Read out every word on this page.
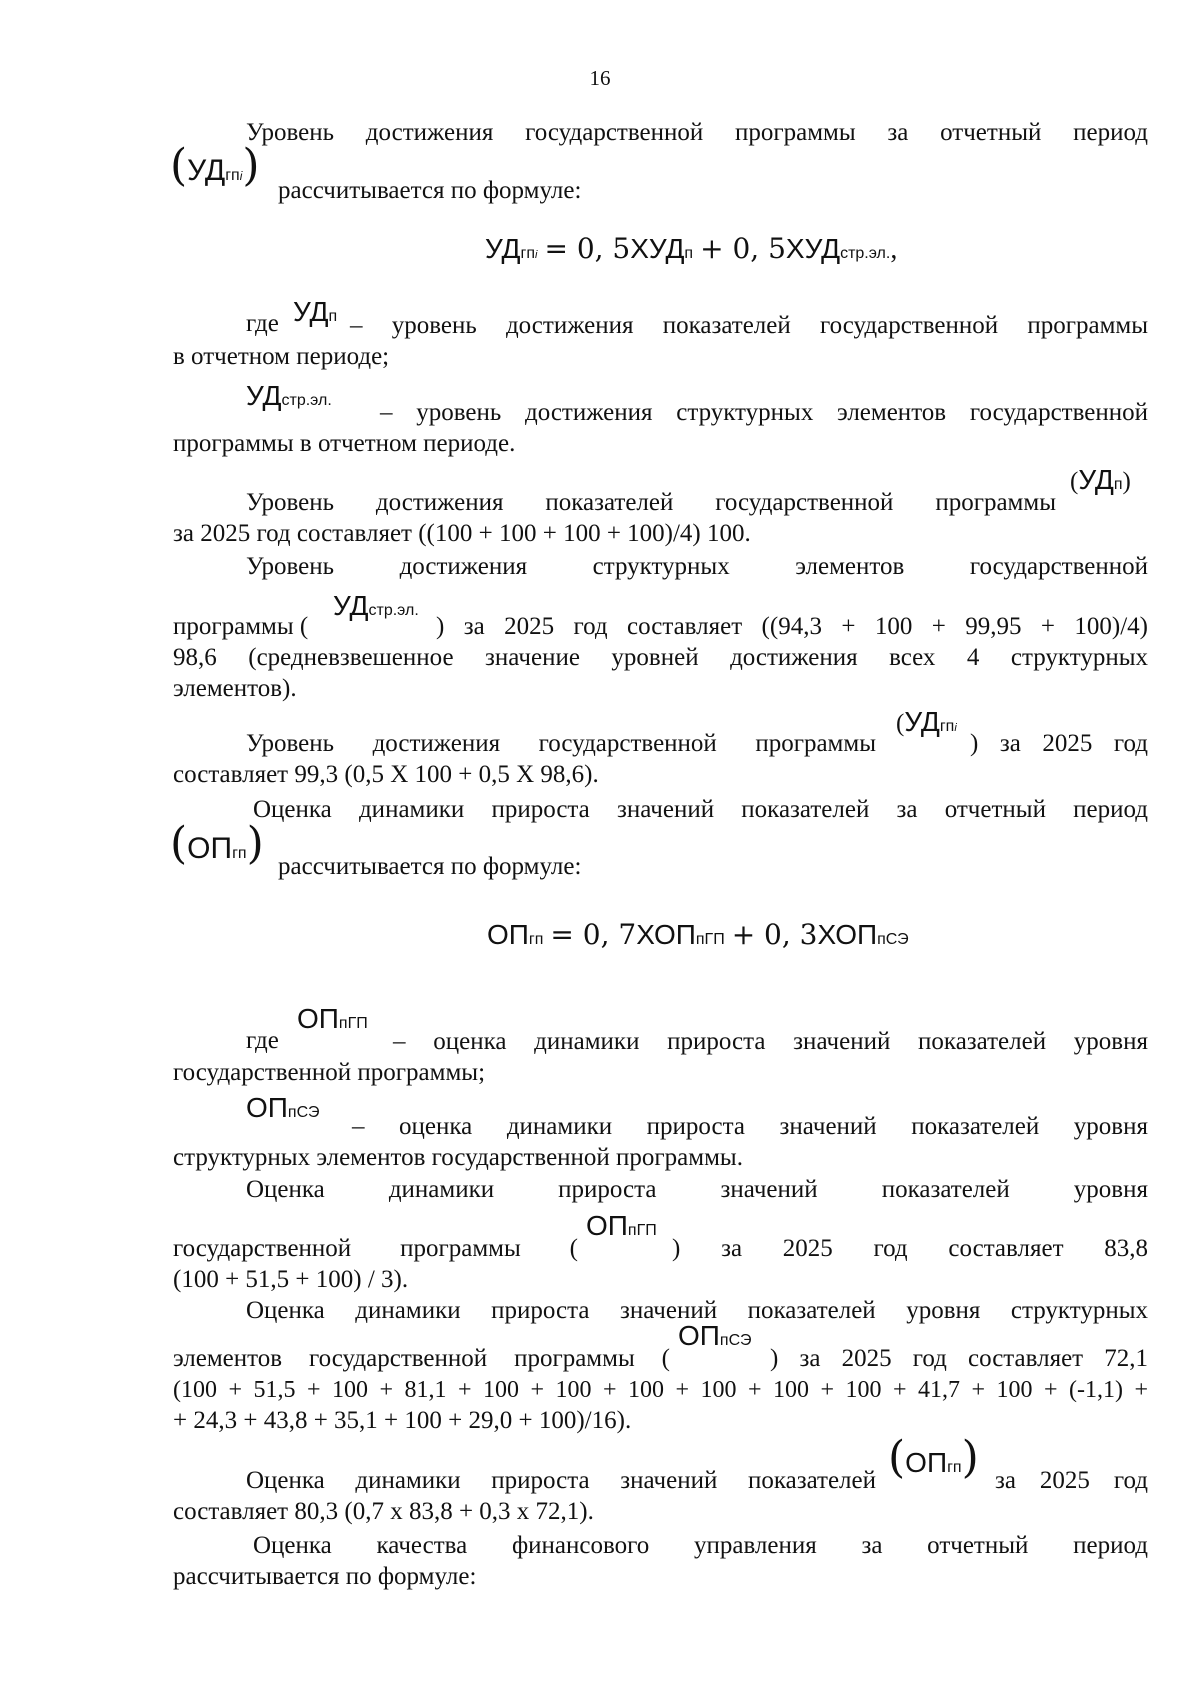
16
Уровень достижения государственной программы за отчетный период
(УДгпi) рассчитывается по формуле:
УДгпi = 0, 5ХУДп + 0, 5ХУДстр.эл.,
где УДп – уровень достижения показателей государственной программы
в отчетном периоде;
УДстр.эл. – уровень достижения структурных элементов государственной
программы в отчетном периоде.
Уровень достижения показателей государственной программы
(УДп)
за 2025 год составляет ((100 + 100 + 100 + 100)/4) 100.
Уровень достижения структурных элементов государственной
программы (
УДстр.эл.
) за 2025 год составляет ((94,3 + 100 + 99,95 + 100)/4)
98,6 (средневзвешенное значение уровней достижения всех 4 структурных
элементов).
Уровень достижения государственной программы
(УДгпi
) за 2025 год
составляет 99,3 (0,5 Х 100 + 0,5 Х 98,6).
Оценка динамики прироста значений показателей за отчетный период
(ОПгп) рассчитывается по формуле:
ОПгп = 0, 7ХОПпГП + 0, 3ХОПпСЭ
где
ОПпГП
– оценка динамики прироста значений показателей уровня
государственной программы;
ОПпСЭ
– оценка динамики прироста значений показателей уровня
структурных элементов государственной программы.
Оценка динамики прироста значений показателей уровня
государственной программы (
ОПпГП
) за 2025 год составляет 83,8
(100 + 51,5 + 100) / 3).
Оценка динамики прироста значений показателей уровня структурных
элементов государственной программы (
ОПпСЭ
) за 2025 год составляет 72,1
(100 + 51,5 + 100 + 81,1 + 100 + 100 + 100 + 100 + 100 + 100 + 41,7 + 100 + (-1,1) +
+ 24,3 + 43,8 + 35,1 + 100 + 29,0 + 100)/16).
Оценка динамики прироста значений показателей (ОПгп) за 2025 год
составляет 80,3 (0,7 х 83,8 + 0,3 х 72,1).
Оценка качества финансового управления за отчетный период
рассчитывается по формуле:
